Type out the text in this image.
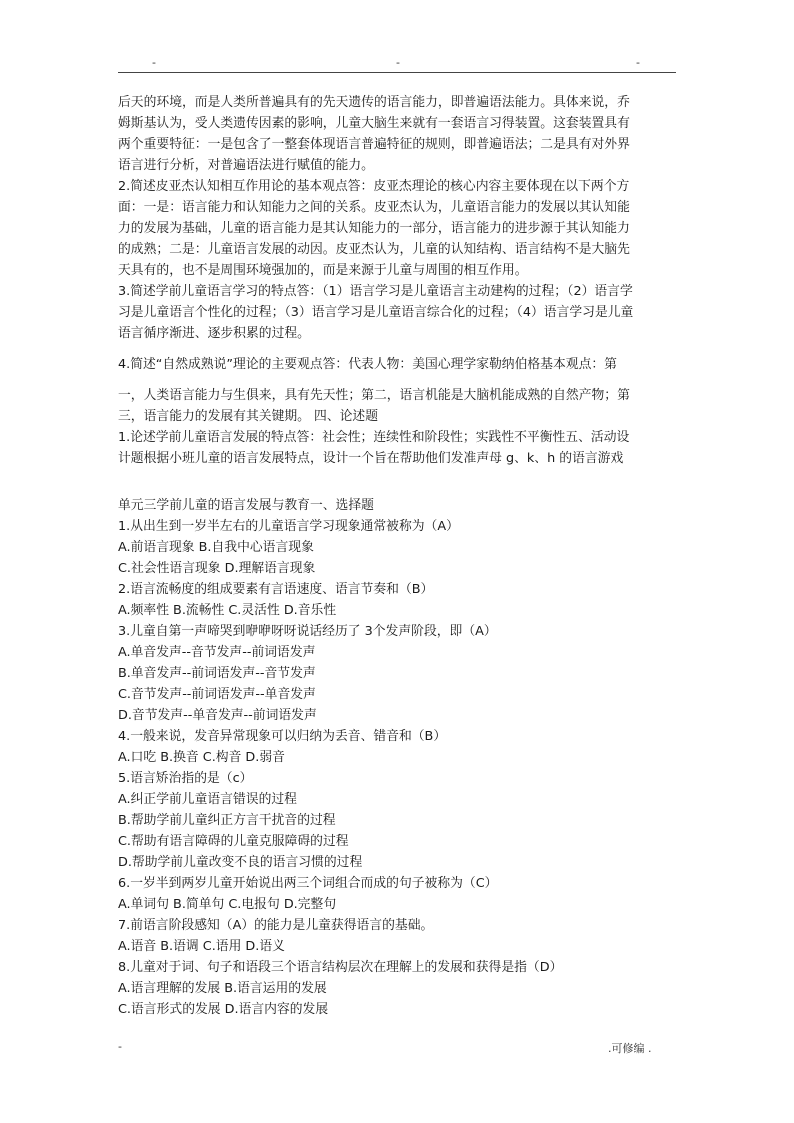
-	-	-
后天的环境，而是人类所普遍具有的先天遗传的语言能力，即普遍语法能力。具体来说，乔
姆斯基认为，受人类遗传因素的影响，儿童大脑生来就有一套语言习得装置。这套装置具有
两个重要特征：一是包含了一整套体现语言普遍特征的规则，即普遍语法；二是具有对外界
语言进行分析，对普遍语法进行赋值的能力。
2.简述皮亚杰认知相互作用论的基本观点答：皮亚杰理论的核心内容主要体现在以下两个方
面：一是：语言能力和认知能力之间的关系。皮亚杰认为，儿童语言能力的发展以其认知能
力的发展为基础，儿童的语言能力是其认知能力的一部分，语言能力的进步源于其认知能力
的成熟；二是：儿童语言发展的动因。皮亚杰认为，儿童的认知结构、语言结构不是大脑先
天具有的，也不是周围环境强加的，而是来源于儿童与周围的相互作用。
3.简述学前儿童语言学习的特点答：（1）语言学习是儿童语言主动建构的过程；（2）语言学
习是儿童语言个性化的过程；（3）语言学习是儿童语言综合化的过程；（4）语言学习是儿童
语言循序渐进、逐步积累的过程。
4.简述“自然成熟说”理论的主要观点答：代表人物：美国心理学家勒纳伯格基本观点：第
一，人类语言能力与生俱来，具有先天性；第二，语言机能是大脑机能成熟的自然产物；第
三，语言能力的发展有其关键期。 四、论述题
1.论述学前儿童语言发展的特点答：社会性；连续性和阶段性；实践性不平衡性五、活动设
计题根据小班儿童的语言发展特点，设计一个旨在帮助他们发准声母 g、k、h 的语言游戏
单元三学前儿童的语言发展与教育一、选择题
1.从出生到一岁半左右的儿童语言学习现象通常被称为（A）
A.前语言现象 B.自我中心语言现象
C.社会性语言现象 D.理解语言现象
2.语言流畅度的组成要素有言语速度、语言节奏和（B）
A.频率性 B.流畅性 C.灵活性 D.音乐性
3.儿童自第一声啼哭到咿咿呀呀说话经历了 3个发声阶段，即（A）
A.单音发声--音节发声--前词语发声
B.单音发声--前词语发声--音节发声
C.音节发声--前词语发声--单音发声
D.音节发声--单音发声--前词语发声
4.一般来说，发音异常现象可以归纳为丢音、错音和（B）
A.口吃 B.换音 C.构音 D.弱音
5.语言矫治指的是（c）
A.纠正学前儿童语言错误的过程
B.帮助学前儿童纠正方言干扰音的过程
C.帮助有语言障碍的儿童克服障碍的过程
D.帮助学前儿童改变不良的语言习惯的过程
6.一岁半到两岁儿童开始说出两三个词组合而成的句子被称为（C）
A.单词句 B.简单句 C.电报句 D.完整句
7.前语言阶段感知（A）的能力是儿童获得语言的基础。
A.语音 B.语调 C.语用 D.语义
8.儿童对于词、句子和语段三个语言结构层次在理解上的发展和获得是指（D）
A.语言理解的发展 B.语言运用的发展
C.语言形式的发展 D.语言内容的发展
-	.可修编 .
